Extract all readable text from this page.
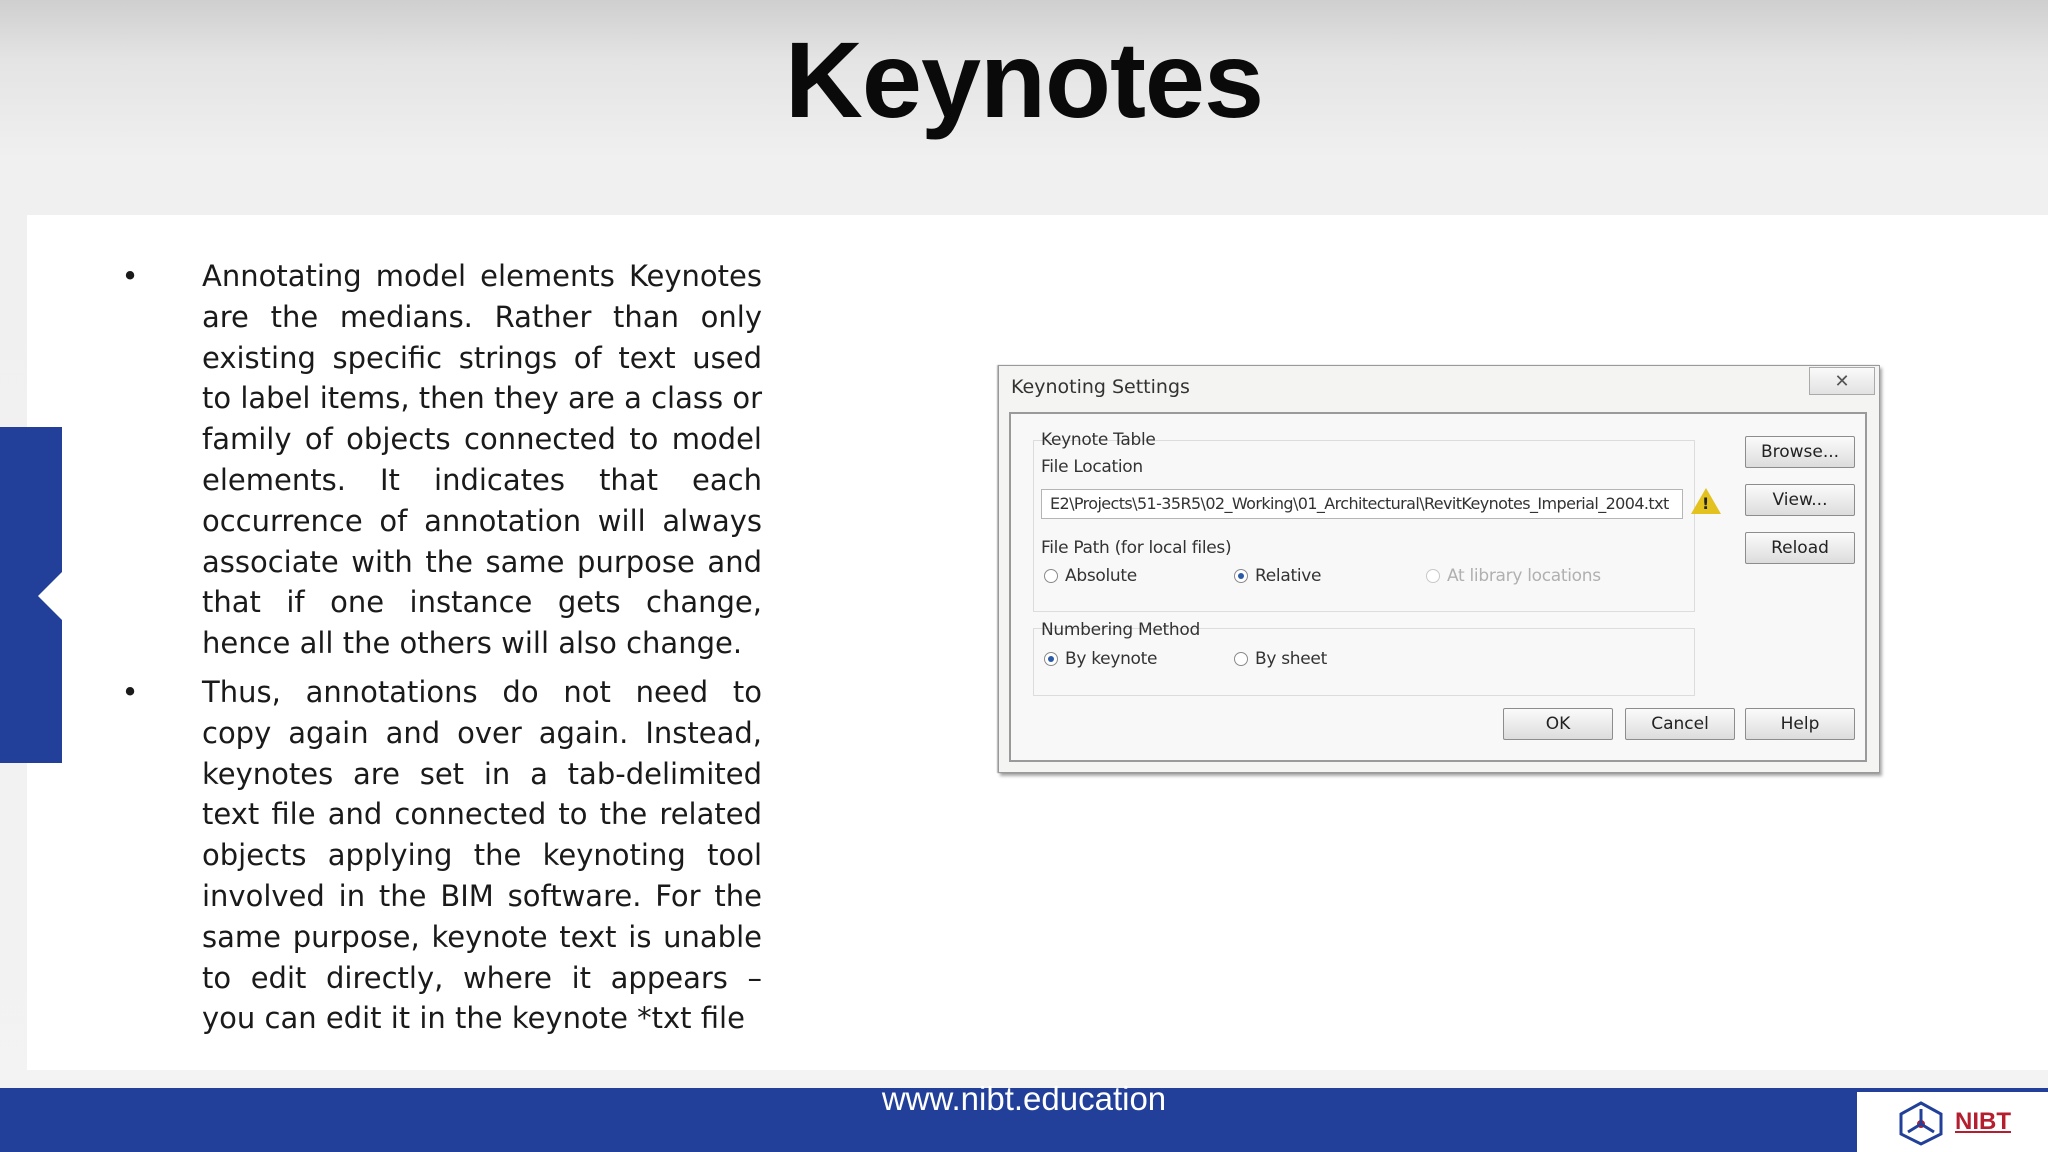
Keynotes
• Annotating model elements Keynotes are the medians. Rather than only existing specific strings of text used to label items, then they are a class or family of objects connected to model elements. It indicates that each occurrence of annotation will always associate with the same purpose and that if one instance gets change, hence all the others will also change.
• Thus, annotations do not need to copy again and over again. Instead, keynotes are set in a tab-delimited text file and connected to the related objects applying the keynoting tool involved in the BIM software. For the same purpose, keynote text is unable to edit directly, where it appears – you can edit it in the keynote *txt file
Keynoting Settings	✕
Keynote Table
File Location
E2\Projects\51-35R5\02_Working\01_Architectural\RevitKeynotes_Imperial_2004.txt	!
File Path (for local files)
Absolute	Relative	At library locations
Numbering Method
By keynote	By sheet
Browse...
View...
Reload
OK	Cancel	Help
www.nibt.education
NIBT
